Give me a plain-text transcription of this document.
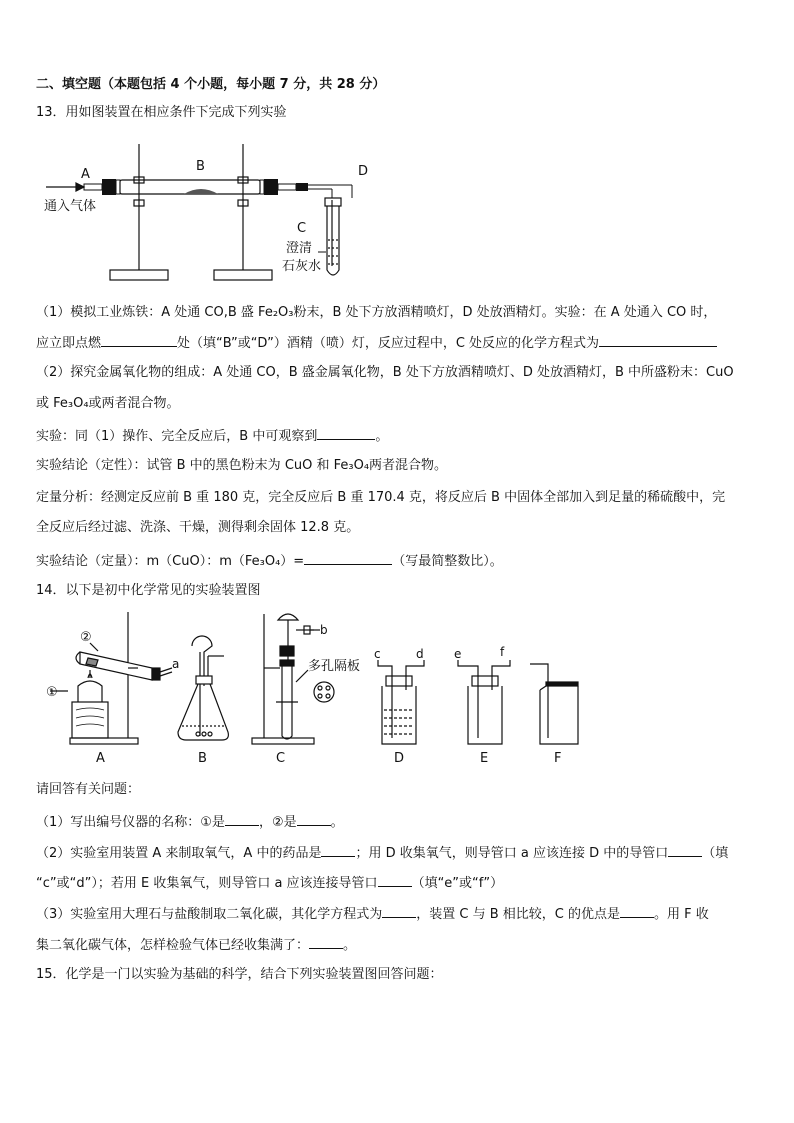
二、填空题（本题包括 4 个小题，每小题 7 分，共 28 分）
13．用如图装置在相应条件下完成下列实验
A
B
C
D
通入气体
澄清
石灰水
（1）模拟工业炼铁：A 处通 CO,B 盛 Fe₂O₃粉末，B 处下方放酒精喷灯，D 处放酒精灯。实验：在 A 处通入 CO 时，
应立即点燃	处（填“B”或“D”）酒精（喷）灯，反应过程中，C 处反应的化学方程式为
（2）探究金属氧化物的组成：A 处通 CO，B 盛金属氧化物，B 处下方放酒精喷灯、D 处放酒精灯，B 中所盛粉末：CuO
或 Fe₃O₄或两者混合物。
实验：同（1）操作、完全反应后，B 中可观察到	。
实验结论（定性）：试管 B 中的黑色粉末为 CuO 和 Fe₃O₄两者混合物。
定量分析：经测定反应前 B 重 180 克，完全反应后 B 重 170.4 克，将反应后 B 中固体全部加入到足量的稀硫酸中，完
全反应后经过滤、洗涤、干燥，测得剩余固体 12.8 克。
实验结论（定量）：m（CuO）：m（Fe₃O₄）=	（写最简整数比）。
14．以下是初中化学常见的实验装置图
①
②
a
A	B
b
多孔隔板
C
c	d
D
e	f
E	F
请回答有关问题：
（1）写出编号仪器的名称：①是	，②是	。
（2）实验室用装置 A 来制取氧气，A 中的药品是	；用 D 收集氧气，则导管口 a 应该连接 D 中的导管口	（填
“c”或“d”）；若用 E 收集氧气，则导管口 a 应该连接导管口	（填“e”或“f”）
（3）实验室用大理石与盐酸制取二氧化碳，其化学方程式为	，装置 C 与 B 相比较，C 的优点是	。用 F 收
集二氧化碳气体，怎样检验气体已经收集满了：	。
15．化学是一门以实验为基础的科学，结合下列实验装置图回答问题：
